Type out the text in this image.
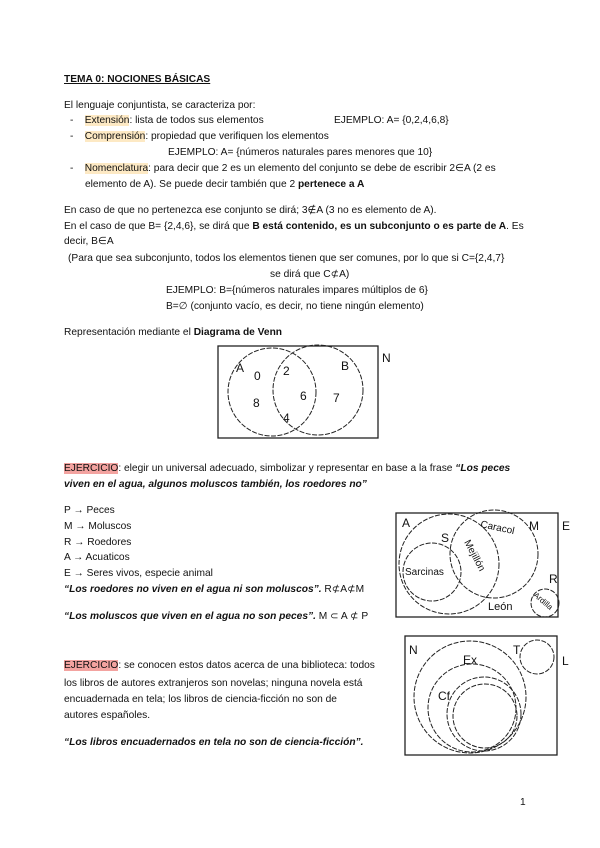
TEMA 0: NOCIONES BÁSICAS
El lenguaje conjuntista, se caracteriza por:
-    Extensión: lista de todos sus elementos	EJEMPLO: A= {0,2,4,6,8}
-    Comprensión: propiedad que verifiquen los elementos
EJEMPLO: A= {números naturales pares menores que 10}
-    Nomenclatura: para decir que 2 es un elemento del conjunto se debe de escribir 2∈A (2 es
elemento de A). Se puede decir también que 2 pertenece a A
En caso de que no pertenezca ese conjunto se dirá; 3∉A (3 no es elemento de A).
En el caso de que B= {2,4,6}, se dirá que B está contenido, es un subconjunto o es parte de A. Es
decir, B∈A
(Para que sea subconjunto, todos los elementos tienen que ser comunes, por lo que si C={2,4,7}
se dirá que C⊄A)
EJEMPLO: B={números naturales impares múltiplos de 6}
B=∅ (conjunto vacío, es decir, no tiene ningún elemento)
Representación mediante el Diagrama de Venn
EJERCICIO: elegir un universal adecuado, simbolizar y representar en base a la frase “Los peces
viven en el agua, algunos moluscos también, los roedores no”
P → Peces
M → Moluscos
R → Roedores
A → Acuaticos
E → Seres vivos, especie animal
“Los roedores no viven en el agua ni son moluscos”. R⊄A⊄M
“Los moluscos que viven en el agua no son peces”. M ⊂ A ⊄ P
EJERCICIO: se conocen estos datos acerca de una biblioteca: todos
los libros de autores extranjeros son novelas; ninguna novela está
encuadernada en tela; los libros de ciencia-ficción no son de
autores españoles.
“Los libros encuadernados en tela no son de ciencia-ficción”.
1
A	B
N
0 2
6 7
8
4
A
S
Caracol M E
Mejillón
Sarcinas	R
León Ardilla
N
Ex
T
L
Cf
